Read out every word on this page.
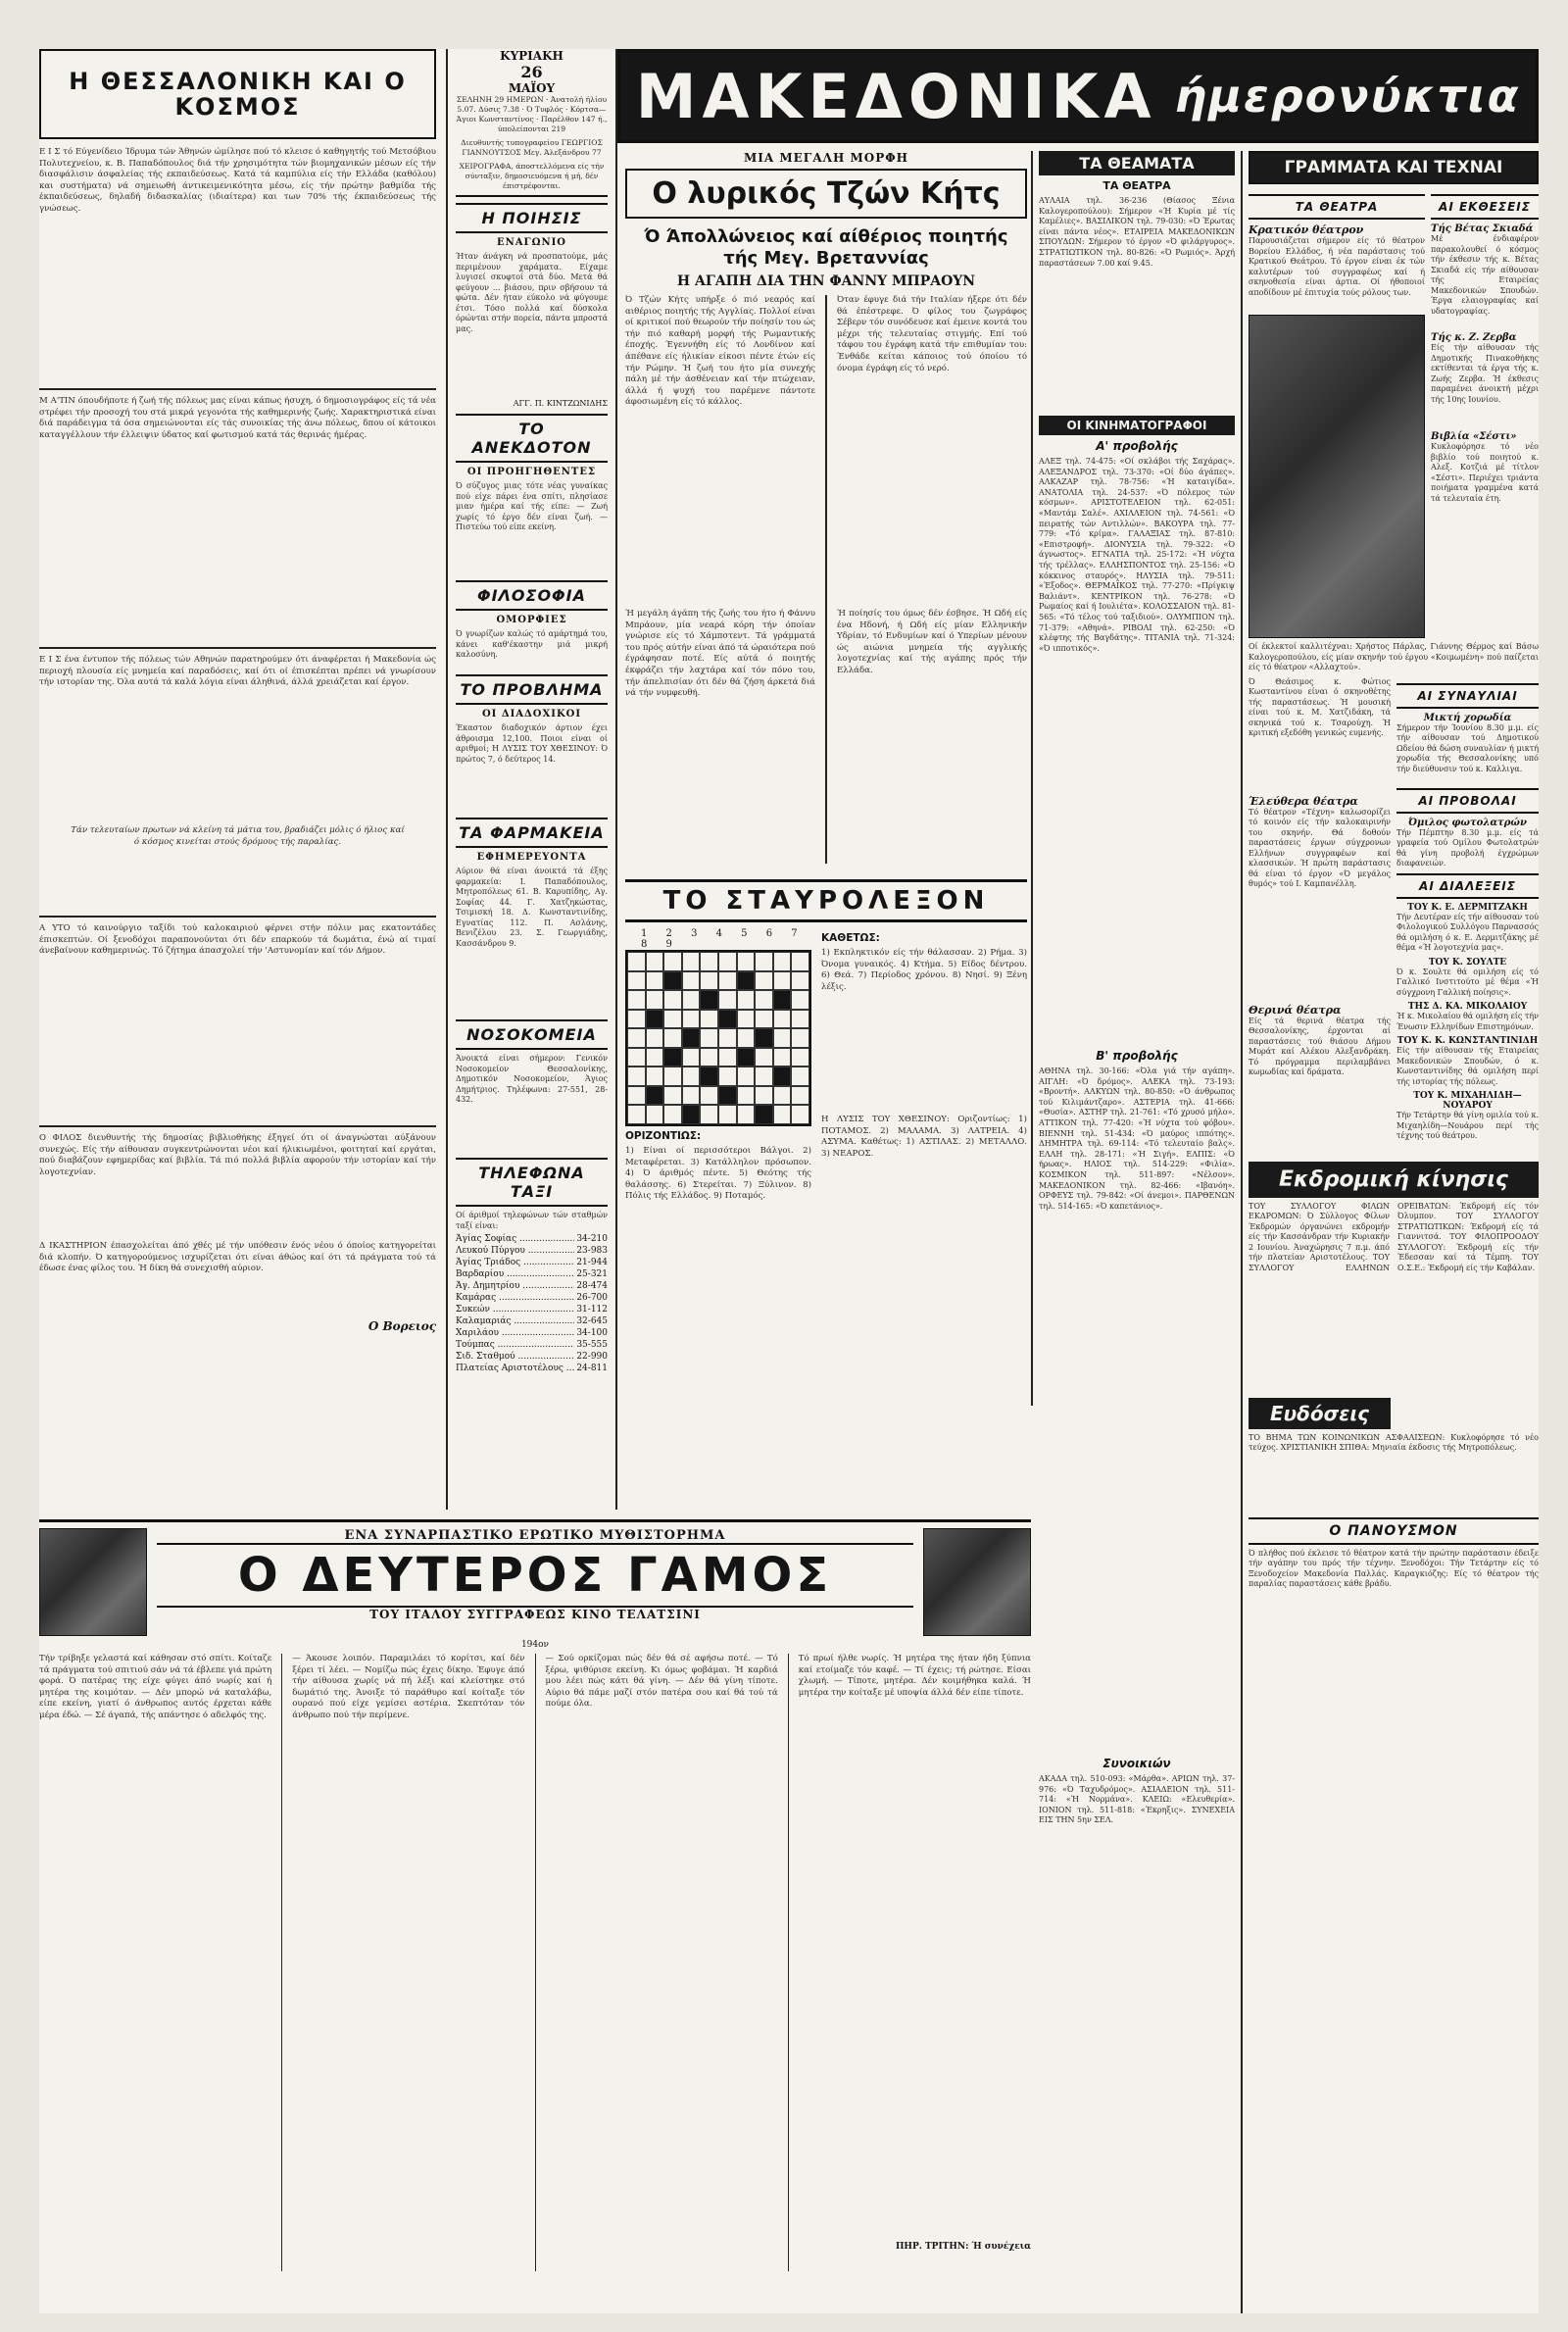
Η ΘΕΣΣΑΛΟΝΙΚΗ ΚΑΙ Ο ΚΟΣΜΟΣ
Ε Ι Σ τό Εύγενίδειο Ίδρυμα τών Άθηνών ώμίλησε πού τό κλεισε ό καθηγητής τού Μετσόβιου Πολυτεχνείου, κ. Β. Παπαδόπουλος διά τήν χρησιμότητα τών βιομηχανικών μέσων είς τήν διασφάλισιν άσφαλείας τής εκπαιδεύσεως. Κατά τά καμπύλια είς τήν Ελλάδα (καθόλου) και συστήματα) νά σημειωθή άντικειμενικότητα μέσω, είς τήν πρώτην βαθμίδα τής έκπαιδεύσεως, δηλαδή διδασκαλίας (ιδιαίτερα) και των 70% τής έκπαιδεύσεως τής γνώσεως.
Μ Α'ΤΙΝ όπουδήποτε ή ζωή τής πόλεως μας είναι κάπως ήσυχη, ό δημοσιογράφος είς τά νέα στρέφει τήν προσοχή του στά μικρά γεγονότα τής καθημερινής ζωής. Χαρακτηριστικά είναι διά παράδειγμα τά όσα σημειώνονται είς τάς συνοικίας τής άνω πόλεως, δπου οί κάτοικοι καταγγέλλουν τήν έλλειψιν ύδατος καί φωτισμού κατά τάς θερινάς ήμέρας.
Ε Ι Σ ένα έντυπον τής πόλεως τών Αθηνών παρατηρούμεν ότι άναφέρεται ή Μακεδονία ώς περιοχή πλουσία είς μνημεία καί παραδόσεις, καί ότι οί έπισκέπται πρέπει νά γνωρίσουν τήν ιστορίαν της. Όλα αυτά τά καλά λόγια είναι άληθινά, άλλά χρειάζεται καί έργον.
Τάν τελευταίων πρωτων νά κλείνη τά μάτια του, βραδιάζει μόλις ό ήλιος καί ό κόσμος κινείται στούς δρόμους τής παραλίας.
Α ΥΤΟ τό καινούργιο ταξίδι τού καλοκαιριού φέρνει στήν πόλιν μας εκατοντάδες έπισκεπτών. Οί ξενοδόχοι παραπονούνται ότι δέν επαρκούν τά δωμάτια, ένώ αί τιμαί άνεβαίνουν καθημερινώς. Τό ζήτημα άπασχολεί τήν 'Αστυνομίαν καί τόν Δήμον.
Ο ΦΙΛΟΣ διευθυντής τής δημοσίας βιβλιοθήκης έξηγεί ότι οί άναγνώσται αύξάνουν συνεχώς. Είς τήν αίθουσαν συγκεντρώνονται νέοι καί ήλικιωμένοι, φοιτηταί καί εργάται, πού διαβάζουν εφημερίδας καί βιβλία. Τά πιό πολλά βιβλία αφορούν τήν ιστορίαν καί τήν λογοτεχνίαν.
Δ ΙΚΑΣΤΗΡΙΟΝ έπασχολείται άπό χθές μέ τήν υπόθεσιν ένός νέου ό όποίος κατηγορείται διά κλοπήν. Ό κατηγορούμενος ισχυρίζεται ότι είναι άθώος καί ότι τά πράγματα τού τά έδωσε ένας φίλος του. Ή δίκη θά συνεχισθή αύριον.
Ο Βορειος
ΚΥΡΙΑΚΗ
26
ΜΑΪΟΥ
ΣΕΛΗΝΗ 29 ΗΜΕΡΩΝ · Άνατολή ήλίου 5.07. Δύσις 7.38 · Ό Τυφλός · Κόρτσα—Άγιοι Κωνσταντίνος · Παρέλθον 147 ή., ύπολείπονται 219
Διευθυντής τυπογραφείου ΓΕΩΡΓΙΟΣ ΓΙΑΝΝΟΥΤΣΟΣ Μεγ. Άλεξάνδρου 77
ΧΕΙΡΟΓΡΑΦΑ, άποστελλόμενα είς τήν σύνταξιν, δημοσιευόμενα ή μή, δέν έπιστρέφονται.
Η ΠΟΙΗΣΙΣ
ΕΝΑΓΩΝΙΟ
Ήταν άνάγκη νά προσπατούμε, μάς περιμένουν χαράματα. Είχαμε λυγισεί σκυφτοί στά δύο. Μετά θά φεύγουν ... βιάσου, πριν σβήσουν τά φώτα. Δέν ήταν εύκολο νά φύγουμε έτσι. Τόσο πολλά καί δύσκολα όρώνται στήν πορεία, πάντα μπροστά μας.
ΑΓΓ. Π. ΚΙΝΤΖΩΝΙΔΗΣ
ΤΟ ΑΝΕΚΔΟΤΟΝ
ΟΙ ΠΡΟΗΓΗΘΕΝΤΕΣ
Ό σύζυγος μιας τότε νέας γυναίκας πού είχε πάρει ένα σπίτι, πλησίασε μιαν ήμέρα καί τής είπε: — Ζωή χωρίς τό έργο δέν είναι ζωή. — Πιστεύω τού είπε εκείνη.
ΦΙΛΟΣΟΦΙΑ
ΟΜΟΡΦΙΕΣ
Ό γνωρίζων καλώς τό αμάρτημά του, κάνει καθ'έκαστην μιά μικρή καλοσύνη.
ΤΟ ΠΡΟΒΛΗΜΑ
ΟΙ ΔΙΑΔΟΧΙΚΟΙ
Έκαστον διαδοχικόν άρτιον έχει άθροισμα 12,100. Ποιοι είναι οί αριθμοί; Η ΛΥΣΙΣ ΤΟΥ ΧΘΕΣΙΝΟΥ: Ό πρώτος 7, ό δεύτερος 14.
ΤΑ ΦΑΡΜΑΚΕΙΑ
ΕΦΗΜΕΡΕΥΟΝΤΑ
Αύριον θά είναι άνοικτά τά έξης φαρμακεία: Ι. Παπαδόπουλος, Μητροπόλεως 61. Β. Καρυπίδης, Αγ. Σοφίας 44. Γ. Χατζηκώστας, Τσιμισκή 18. Δ. Κωνσταντινίδης, Εγνατίας 112. Π. Ασλάνης, Βενιζέλου 23. Σ. Γεωργιάδης, Κασσάνδρου 9.
ΝΟΣΟΚΟΜΕΙΑ
Άνοικτά είναι σήμερον: Γενικόν Νοσοκομείον Θεσσαλονίκης, Δημοτικόν Νοσοκομείον, Άγιος Δημήτριος. Τηλέφωνα: 27-551, 28-432.
ΤΗΛΕΦΩΝΑ ΤΑΞΙ
Οί άριθμοί τηλεφώνων τών σταθμών ταξί είναι:
Άγίας Σοφίας .....	34-210
Λευκού Πύργου .....	23-983
Άγίας Τριάδος .....	21-944
Βαρδαρίου .....	25-321
Άγ. Δημητρίου .....	28-474
Καμάρας .....	26-700
Συκεών .....	31-112
Καλαμαριάς .....	32-645
Χαριλάου .....	34-100
Τούμπας .....	35-555
Σιδ. Σταθμού .....	22-990
Πλατείας Αριστοτέλους .....	24-811
ΜΑΚΕΔΟΝΙΚΑ ήμερονύκτια
ΜΙΑ ΜΕΓΑΛΗ ΜΟΡΦΗ
Ο λυρικός Τζών Κήτς
Ό Άπολλώνειος καί αίθέριος ποιητής τής Μεγ. Βρεταννίας
Η ΑΓΑΠΗ ΔΙΑ ΤΗΝ ΦΑΝΝΥ ΜΠΡΑΟΥΝ
Ό Τζών Κήτς υπήρξε ό πιό νεαρός καί αιθέριος ποιητής τής Αγγλίας. Πολλοί είναι οί κριτικοί πού θεωρούν τήν ποίησίν του ώς τήν πιό καθαρή μορφή τής Ρωμαντικής έποχής. Έγεννήθη είς τό Λονδίνον καί άπέθανε είς ήλικίαν είκοσι πέντε έτών είς τήν Ρώμην. Ή ζωή του ήτο μία συνεχής πάλη μέ τήν άσθένειαν καί τήν πτώχειαν, άλλά ή ψυχή του παρέμενε πάντοτε άφοσιωμένη είς τό κάλλος.
Ή μεγάλη άγάπη τής ζωής του ήτο ή Φάννυ Μπράουν, μία νεαρά κόρη τήν όποίαν γνώρισε είς τό Χάμπστεντ. Τά γράμματά του πρός αύτήν είναι άπό τά ώραιότερα πού έγράφησαν ποτέ. Είς αύτά ό ποιητής έκφράζει τήν λαχτάρα καί τόν πόνο του, τήν άπελπισίαν ότι δέν θά ζήση άρκετά διά νά τήν νυμφευθή.
Όταν έφυγε διά τήν Ιταλίαν ήξερε ότι δέν θά έπέστρεφε. Ό φίλος του ζωγράφος Σέβερν τόν συνόδευσε καί έμεινε κοντά του μέχρι τής τελευταίας στιγμής. Επί τού τάφου του έγράφη κατά τήν επιθυμίαν του: Ένθάδε κείται κάποιος τού όποίου τό όνομα έγράφη είς τό νερό.
Ή ποίησίς του όμως δέν έσβησε. Ή Ωδή είς ένα Ηδονή, ή Ωδή είς μίαν Ελληνικήν Υδρίαν, τό Ενδυμίων καί ό Υπερίων μένουν ώς αιώνια μνημεία τής αγγλικής λογοτεχνίας καί τής αγάπης πρός τήν Ελλάδα.
ΤΟ ΣΤΑΥΡΟΛΕΞΟΝ
1 2 3 4 5 6 7 8 9
ΟΡΙΖΟΝΤΙΩΣ:
1) Είναι οί περισσότεροι Βάλγοι. 2) Μεταφέρεται. 3) Κατάλληλον πρόσωπον. 4) Ό άριθμός πέντε. 5) Θεότης τής θαλάσσης. 6) Στερείται. 7) Ξύλινον. 8) Πόλις τής Ελλάδος. 9) Ποταμός.
ΚΑΘΕΤΩΣ:
1) Εκπληκτικόν είς τήν θάλασσαν. 2) Ρήμα. 3) Όνομα γυναικός. 4) Κτήμα. 5) Είδος δέντρου. 6) Θεά. 7) Περίοδος χρόνου. 8) Νησί. 9) Ξένη λέξις.
Η ΛΥΣΙΣ ΤΟΥ ΧΘΕΣΙΝΟΥ: Οριζοντίως: 1) ΠΟΤΑΜΟΣ. 2) ΜΑΛΑΜΑ. 3) ΛΑΤΡΕΙΑ. 4) ΑΣΥΜΑ. Καθέτως: 1) ΑΣΤΙΛΑΣ. 2) ΜΕΤΑΛΛΟ. 3) ΝΕΑΡΟΣ.
ΤΑ ΘΕΑΜΑΤΑ
ΤΑ ΘΕΑΤΡΑ
ΑΥΛΑΙΑ τηλ. 36-236 (Θίασος Ξένια Καλογεροπούλου): Σήμερον «Ή Κυρία μέ τίς Καμέλιες». ΒΑΣΙΛΙΚΟΝ τηλ. 79-030: «Ό Έρωτας είναι πάντα νέος». ΕΤΑΙΡΕΙΑ ΜΑΚΕΔΟΝΙΚΩΝ ΣΠΟΥΔΩΝ: Σήμερον τό έργον «Ό φιλάργυρος». ΣΤΡΑΤΙΩΤΙΚΟΝ τηλ. 80-826: «Ό Ρωμιός». Άρχή παραστάσεων 7.00 καί 9.45.
ΟΙ ΚΙΝΗΜΑΤΟΓΡΑΦΟΙ
Α' προβολής
ΑΛΕΞ τηλ. 74-475: «Οί σκλάβοι τής Σαχάρας». ΑΛΕΞΑΝΔΡΟΣ τηλ. 73-370: «Οί δύο άγάπες». ΑΛΚΑΖΑΡ τηλ. 78-756: «Ή καταιγίδα». ΑΝΑΤΟΛΙΑ τηλ. 24-537: «Ό πόλεμος τών κόσμων». ΑΡΙΣΤΟΤΕΛΕΙΟΝ τηλ. 62-051: «Μαντάμ Σαλέ». ΑΧΙΛΛΕΙΟΝ τηλ. 74-561: «Ό πειρατής τών Αντιλλών». ΒΑΚΟΥΡΑ τηλ. 77-779: «Τό κρίμα». ΓΑΛΑΞΙΑΣ τηλ. 87-810: «Επιστροφή». ΔΙΟΝΥΣΙΑ τηλ. 79-322: «Ό άγνωστος». ΕΓΝΑΤΙΑ τηλ. 25-172: «Ή νύχτα τής τρέλλας». ΕΛΛΗΣΠΟΝΤΟΣ τηλ. 25-156: «Ό κόκκινος σταυρός». ΗΛΥΣΙΑ τηλ. 79-511: «Έξοδος». ΘΕΡΜΑΪΚΟΣ τηλ. 77-270: «Πρίγκιψ Βαλιάντ». ΚΕΝΤΡΙΚΟΝ τηλ. 76-278: «Ό Ρωμαίος καί ή Ιουλιέτα». ΚΟΛΟΣΣΑΙΟΝ τηλ. 81-565: «Τό τέλος τού ταξιδιού». ΟΛΥΜΠΙΟΝ τηλ. 71-379: «Αθηνά». ΡΙΒΟΛΙ τηλ. 62-250: «Ό κλέφτης τής Βαγδάτης». ΤΙΤΑΝΙΑ τηλ. 71-324: «Ό ιπποτικός».
Β' προβολής
ΑΘΗΝΑ τηλ. 30-166: «Όλα γιά τήν αγάπη». ΑΙΓΛΗ: «Ό δρόμος». ΑΛΕΚΑ τηλ. 73-193: «Βροντή». ΑΛΚΥΩΝ τηλ. 80-850: «Ό άνθρωπος τού Κιλιμάντζαρο». ΑΣΤΕΡΙΑ τηλ. 41-666: «Θυσία». ΑΣΤΗΡ τηλ. 21-761: «Τό χρυσό μήλο». ΑΤΤΙΚΟΝ τηλ. 77-420: «Ή νύχτα τού φόβου». ΒΙΕΝΝΗ τηλ. 51-434: «Ό μαύρος ιππότης». ΔΗΜΗΤΡΑ τηλ. 69-114: «Τό τελευταίο βαλς». ΕΛΛΗ τηλ. 28-171: «Ή Σιγή». ΕΛΠΙΣ: «Ό ήρωας». ΗΛΙΟΣ τηλ. 514-229: «Φιλία». ΚΟΣΜΙΚΟΝ τηλ. 511-897: «Νέλσον». ΜΑΚΕΔΟΝΙΚΟΝ τηλ. 82-466: «Ιβανόη». ΟΡΦΕΥΣ τηλ. 79-842: «Οί άνεμοι». ΠΑΡΘΕΝΩΝ τηλ. 514-165: «Ό καπετάνιος».
Συνοικιών
ΑΚΑΔΑ τηλ. 510-093: «Μάρθα». ΑΡΙΩΝ τηλ. 37-976: «Ό Ταχυδρόμος». ΑΣΙΑΔΕΙΟΝ τηλ. 511-714: «Ή Νορμάνα». ΚΛΕΙΩ: «Ελευθερία». ΙΟΝΙΟΝ τηλ. 511-818: «Έκρηξις». ΣΥΝΕΧΕΙΑ ΕΙΣ ΤΗΝ 5ην ΣΕΛ.
ΓΡΑΜΜΑΤΑ ΚΑΙ ΤΕΧΝΑΙ
ΤΑ ΘΕΑΤΡΑ
Κρατικόν θέατρον
Παρουσιάζεται σήμερον είς τό θέατρον Βορείου Ελλάδος, ή νέα παράστασις τού Κρατικού Θεάτρου. Τό έργον είναι έκ τών καλυτέρων τού συγγραφέως καί ή σκηνοθεσία είναι άρτια. Οί ήθοποιοί αποδίδουν μέ έπιτυχία τούς ρόλους των.
ΑΙ ΕΚΘΕΣΕΙΣ
Τής Βέτας Σκιαδά
Μέ ένδιαφέρον παρακολουθεί ό κόσμος τήν έκθεσιν τής κ. Βέτας Σκιαδά είς τήν αίθουσαν τής Εταιρείας Μακεδονικών Σπουδών. Έργα ελαιογραφίας καί υδατογραφίας.
Τής κ. Ζ. Ζερβα
Είς τήν αίθουσαν τής Δημοτικής Πινακοθήκης εκτίθενται τά έργα τής κ. Ζωής Ζερβα. Ή έκθεσις παραμένει άνοικτή μέχρι τής 10ης Ιουνίου.
Βιβλία «Σέστι»
Κυκλοφόρησε τό νέο βιβλίο τού ποιητού κ. Αλεξ. Κοτζιά μέ τίτλον «Σέστι». Περιέχει τριάντα ποιήματα γραμμένα κατά τά τελευταία έτη.
Οί έκλεκτοί καλλιτέχναι: Χρήστος Πάρλας, Γιάννης Θέρμος καί Βάσω Καλογεροπούλου, είς μίαν σκηνήν τού έργου «Κοιμωμένη» πού παίζεται είς τό θέατρον «Αλλαχτού».
Ό Θεάσιμος κ. Φώτιος Κωσταντίνου είναι ό σκηνοθέτης τής παραστάσεως. Ή μουσική είναι τού κ. Μ. Χατζιδάκη, τά σκηνικά τού κ. Τσαρούχη. Ή κριτική εξεδόθη γενικώς ευμενής.
Έλεύθερα θέατρα
Τό θέατρον «Τέχνη» καλωσορίζει τό κοινόν είς τήν καλοκαιρινήν του σκηνήν. Θά δοθούν παραστάσεις έργων σύγχρονων Ελλήνων συγγραφέων καί κλασσικών. Ή πρώτη παράστασις θά είναι τό έργον «Ό μεγάλος θυμός» τού Ι. Καμπανέλλη.
Θερινά θέατρα
Είς τά θερινά θέατρα τής Θεσσαλονίκης, έρχονται αί παραστάσεις τού θιάσου Δήμου Μυράτ καί Αλέκου Αλεξανδράκη. Τό πρόγραμμα περιλαμβάνει κωμωδίας καί δράματα.
ΑΙ ΣΥΝΑΥΛΙΑΙ
Μικτή χορωδία
Σήμερον τήν Ίουνίου 8.30 μ.μ. είς τήν αίθουσαν τού Δημοτικού Ωδείου θά δώση συναυλίαν ή μικτή χορωδία τής Θεσσαλονίκης υπό τήν διεύθυνσιν τού κ. Καλλιγα.
ΑΙ ΠΡΟΒΟΛΑΙ
Όμιλος φωτολατρών
Τήν Πέμπτην 8.30 μ.μ. είς τά γραφεία τού Ομίλου Φωτολατρών θά γίνη προβολή έγχρώμων διαφανειών.
ΑΙ ΔΙΑΛΕΞΕΙΣ
ΤΟΥ Κ. Ε. ΔΕΡΜΙΤΖΑΚΗ
Τήν Δευτέραν είς τήν αίθουσαν τού Φιλολογικού Συλλόγου Παρνασσός θά ομιλήση ό κ. Ε. Δερμιτζάκης μέ θέμα «Ή λογοτεχνία μας».
ΤΟΥ Κ. ΣΟΥΛΤΕ
Ό κ. Σουλτε θά ομιλήση είς τό Γαλλικό Ινστιτούτο μέ θέμα «Ή σύγχρονη Γαλλική ποίησις».
ΤΗΣ Δ. ΚΑ. ΜΙΚΟΛΑΙΟΥ
Ή κ. Μικολαίου θά ομιλήση είς τήν Ένωσιν Ελληνίδων Επιστημόνων.
ΤΟΥ Κ. Κ. ΚΩΝΣΤΑΝΤΙΝΙΔΗ
Είς τήν αίθουσαν τής Εταιρείας Μακεδονικών Σπουδών, ό κ. Κωνσταντινίδης θά ομιλήση περί τής ιστορίας τής πόλεως.
ΤΟΥ Κ. ΜΙΧΑΗΛΙΔΗ—ΝΟΥΑΡΟΥ
Τήν Τετάρτην θά γίνη ομιλία τού κ. Μιχαηλίδη—Νουάρου περί τής τέχνης τού θεάτρου.
Εκδρομική κίνησις
ΤΟΥ ΣΥΛΛΟΓΟΥ ΦΙΛΩΝ ΕΚΔΡΟΜΩΝ: Ό Σύλλογος Φίλων Έκδρομών όργανώνει εκδρομήν είς τήν Κασσάνδραν τήν Κυριακήν 2 Ιουνίου. Άναχώρησις 7 π.μ. άπό τήν πλατείαν Αριστοτέλους. ΤΟΥ ΣΥΛΛΟΓΟΥ ΕΛΛΗΝΩΝ ΟΡΕΙΒΑΤΩΝ: Έκδρομή είς τόν Όλυμπον. ΤΟΥ ΣΥΛΛΟΓΟΥ ΣΤΡΑΤΙΩΤΙΚΩΝ: Έκδρομή είς τά Γιαννιτσά. ΤΟΥ ΦΙΛΟΠΡΟΟΔΟΥ ΣΥΛΛΟΓΟΥ: Έκδρομή είς τήν Έδεσσαν καί τά Τέμπη. ΤΟΥ Ο.Σ.Ε.: Έκδρομή είς τήν Καβάλαν.
Ευδόσεις
ΤΟ ΒΗΜΑ ΤΩΝ ΚΟΙΝΩΝΙΚΩΝ ΑΣΦΑΛΙΣΕΩΝ: Κυκλοφόρησε τό νέο τεύχος. ΧΡΙΣΤΙΑΝΙΚΗ ΣΠΙΘΑ: Μηνιαία έκδοσις τής Μητροπόλεως.
Ο ΠΑΝΟΥΣΜΟΝ
Ό πλήθος πού έκλεισε τό θέατρον κατά τήν πρώτην παράστασιν έδειξε τήν αγάπην του πρός τήν τέχνην. Ξενοδόχοι: Τήν Τετάρτην είς τό Ξενοδοχείον Μακεδονία Παλλάς. Καραγκιόζης: Είς τό θέατρον τής παραλίας παραστάσεις κάθε βράδυ.
ΕΝΑ ΣΥΝΑΡΠΑΣΤΙΚΟ ΕΡΩΤΙΚΟ ΜΥΘΙΣΤΟΡΗΜΑ
Ο ΔΕΥΤΕΡΟΣ ΓΑΜΟΣ
ΤΟΥ ΙΤΑΛΟΥ ΣΥΓΓΡΑΦΕΩΣ ΚΙΝΟ ΤΕΛΑΤΣΙΝΙ
194ον
Τήν τρίβηξε γελαστά καί κάθησαν στό σπίτι. Κοίταζε τά πράγματα τού σπιτιού σάν νά τά έβλεπε γιά πρώτη φορά. Ό πατέρας της είχε φύγει άπό νωρίς καί ή μητέρα της κοιμόταν. — Δέν μπορώ νά καταλάβω, είπε εκείνη, γιατί ό άνθρωπος αυτός έρχεται κάθε μέρα έδώ. — Σέ άγαπά, τής απάντησε ό αδελφός της.
— Άκουσε λοιπόν. Παραμιλάει τό κορίτσι, καί δέν ξέρει τί λέει. — Νομίζω πώς έχεις δίκηο. Έφυγε άπό τήν αίθουσα χωρίς νά πή λέξι καί κλείστηκε στό δωμάτιό της. Άνοιξε τό παράθυρο καί κοίταξε τόν ουρανό πού είχε γεμίσει αστέρια. Σκεπτόταν τόν άνθρωπο πού τήν περίμενε.
— Σού ορκίζομαι πώς δέν θά σέ αφήσω ποτέ. — Τό ξέρω, ψιθύρισε εκείνη. Κι όμως φοβάμαι. Ή καρδιά μου λέει πώς κάτι θά γίνη. — Δέν θά γίνη τίποτε. Αύριο θά πάμε μαζί στόν πατέρα σου καί θά τού τά πούμε όλα.
Τό πρωί ήλθε νωρίς. Ή μητέρα της ήταν ήδη ξύπνια καί ετοίμαζε τόν καφέ. — Τί έχεις; τή ρώτησε. Είσαι χλωμή. — Τίποτε, μητέρα. Δέν κοιμήθηκα καλά. Ή μητέρα την κοίταξε μέ υποψία άλλά δέν είπε τίποτε.
ΠΗΡ. ΤΡΙΤΗΝ: Ή συνέχεια
